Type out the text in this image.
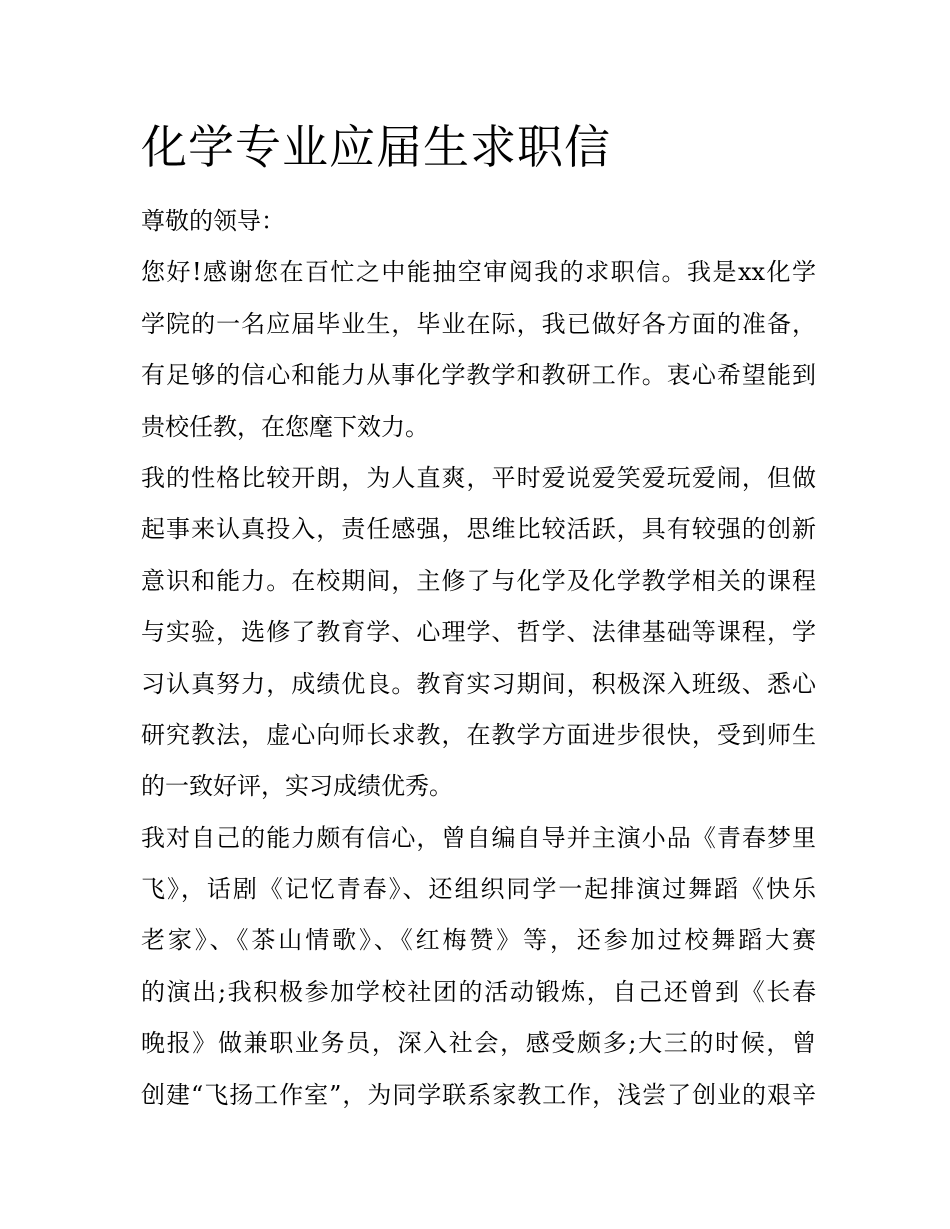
化学专业应届生求职信
尊敬的领导：
您好!感谢您在百忙之中能抽空审阅我的求职信。我是xx化学
学院的一名应届毕业生，毕业在际，我已做好各方面的准备，
有足够的信心和能力从事化学教学和教研工作。衷心希望能到
贵校任教，在您麾下效力。
我的性格比较开朗，为人直爽，平时爱说爱笑爱玩爱闹，但做
起事来认真投入，责任感强，思维比较活跃，具有较强的创新
意识和能力。在校期间，主修了与化学及化学教学相关的课程
与实验，选修了教育学、心理学、哲学、法律基础等课程，学
习认真努力，成绩优良。教育实习期间，积极深入班级、悉心
研究教法，虚心向师长求教，在教学方面进步很快，受到师生
的一致好评，实习成绩优秀。
我对自己的能力颇有信心，曾自编自导并主演小品《青春梦里
飞》，话剧《记忆青春》、还组织同学一起排演过舞蹈《快乐
老家》、《茶山情歌》、《红梅赞》等，还参加过校舞蹈大赛
的演出;我积极参加学校社团的活动锻炼，自己还曾到《长春
晚报》做兼职业务员，深入社会，感受颇多;大三的时候，曾
创建“飞扬工作室”，为同学联系家教工作，浅尝了创业的艰辛
